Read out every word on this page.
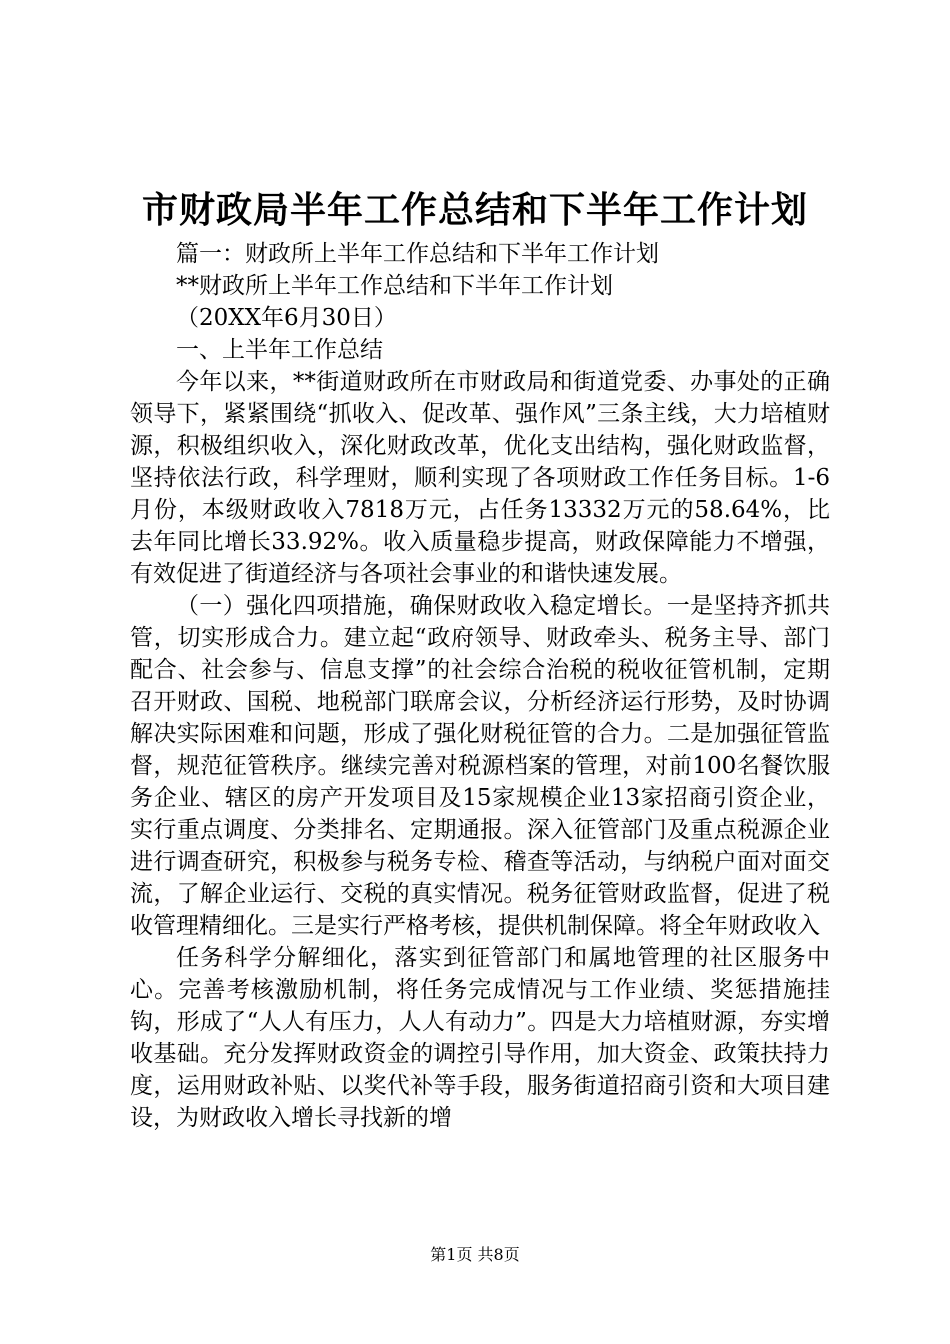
市财政局半年工作总结和下半年工作计划
篇一：财政所上半年工作总结和下半年工作计划
**财政所上半年工作总结和下半年工作计划
（20XX年6月30日）
一、上半年工作总结
今年以来，**街道财政所在市财政局和街道党委、办事处的正确领导下，紧紧围绕“抓收入、促改革、强作风”三条主线，大力培植财源，积极组织收入，深化财政改革，优化支出结构，强化财政监督，坚持依法行政，科学理财，顺利实现了各项财政工作任务目标。1-6月份，本级财政收入7818万元，占任务13332万元的58.64%，比去年同比增长33.92%。收入质量稳步提高，财政保障能力不增强，有效促进了街道经济与各项社会事业的和谐快速发展。
（一）强化四项措施，确保财政收入稳定增长。一是坚持齐抓共管，切实形成合力。建立起“政府领导、财政牵头、税务主导、部门配合、社会参与、信息支撑”的社会综合治税的税收征管机制，定期召开财政、国税、地税部门联席会议，分析经济运行形势，及时协调解决实际困难和问题，形成了强化财税征管的合力。二是加强征管监督，规范征管秩序。继续完善对税源档案的管理，对前100名餐饮服务企业、辖区的房产开发项目及15家规模企业13家招商引资企业，实行重点调度、分类排名、定期通报。深入征管部门及重点税源企业进行调查研究，积极参与税务专检、稽查等活动，与纳税户面对面交流，了解企业运行、交税的真实情况。税务征管财政监督，促进了税收管理精细化。三是实行严格考核，提供机制保障。将全年财政收入
任务科学分解细化，落实到征管部门和属地管理的社区服务中心。完善考核激励机制，将任务完成情况与工作业绩、奖惩措施挂钩，形成了“人人有压力，人人有动力”。四是大力培植财源，夯实增收基础。充分发挥财政资金的调控引导作用，加大资金、政策扶持力度，运用财政补贴、以奖代补等手段，服务街道招商引资和大项目建设，为财政收入增长寻找新的增
第1页 共8页
